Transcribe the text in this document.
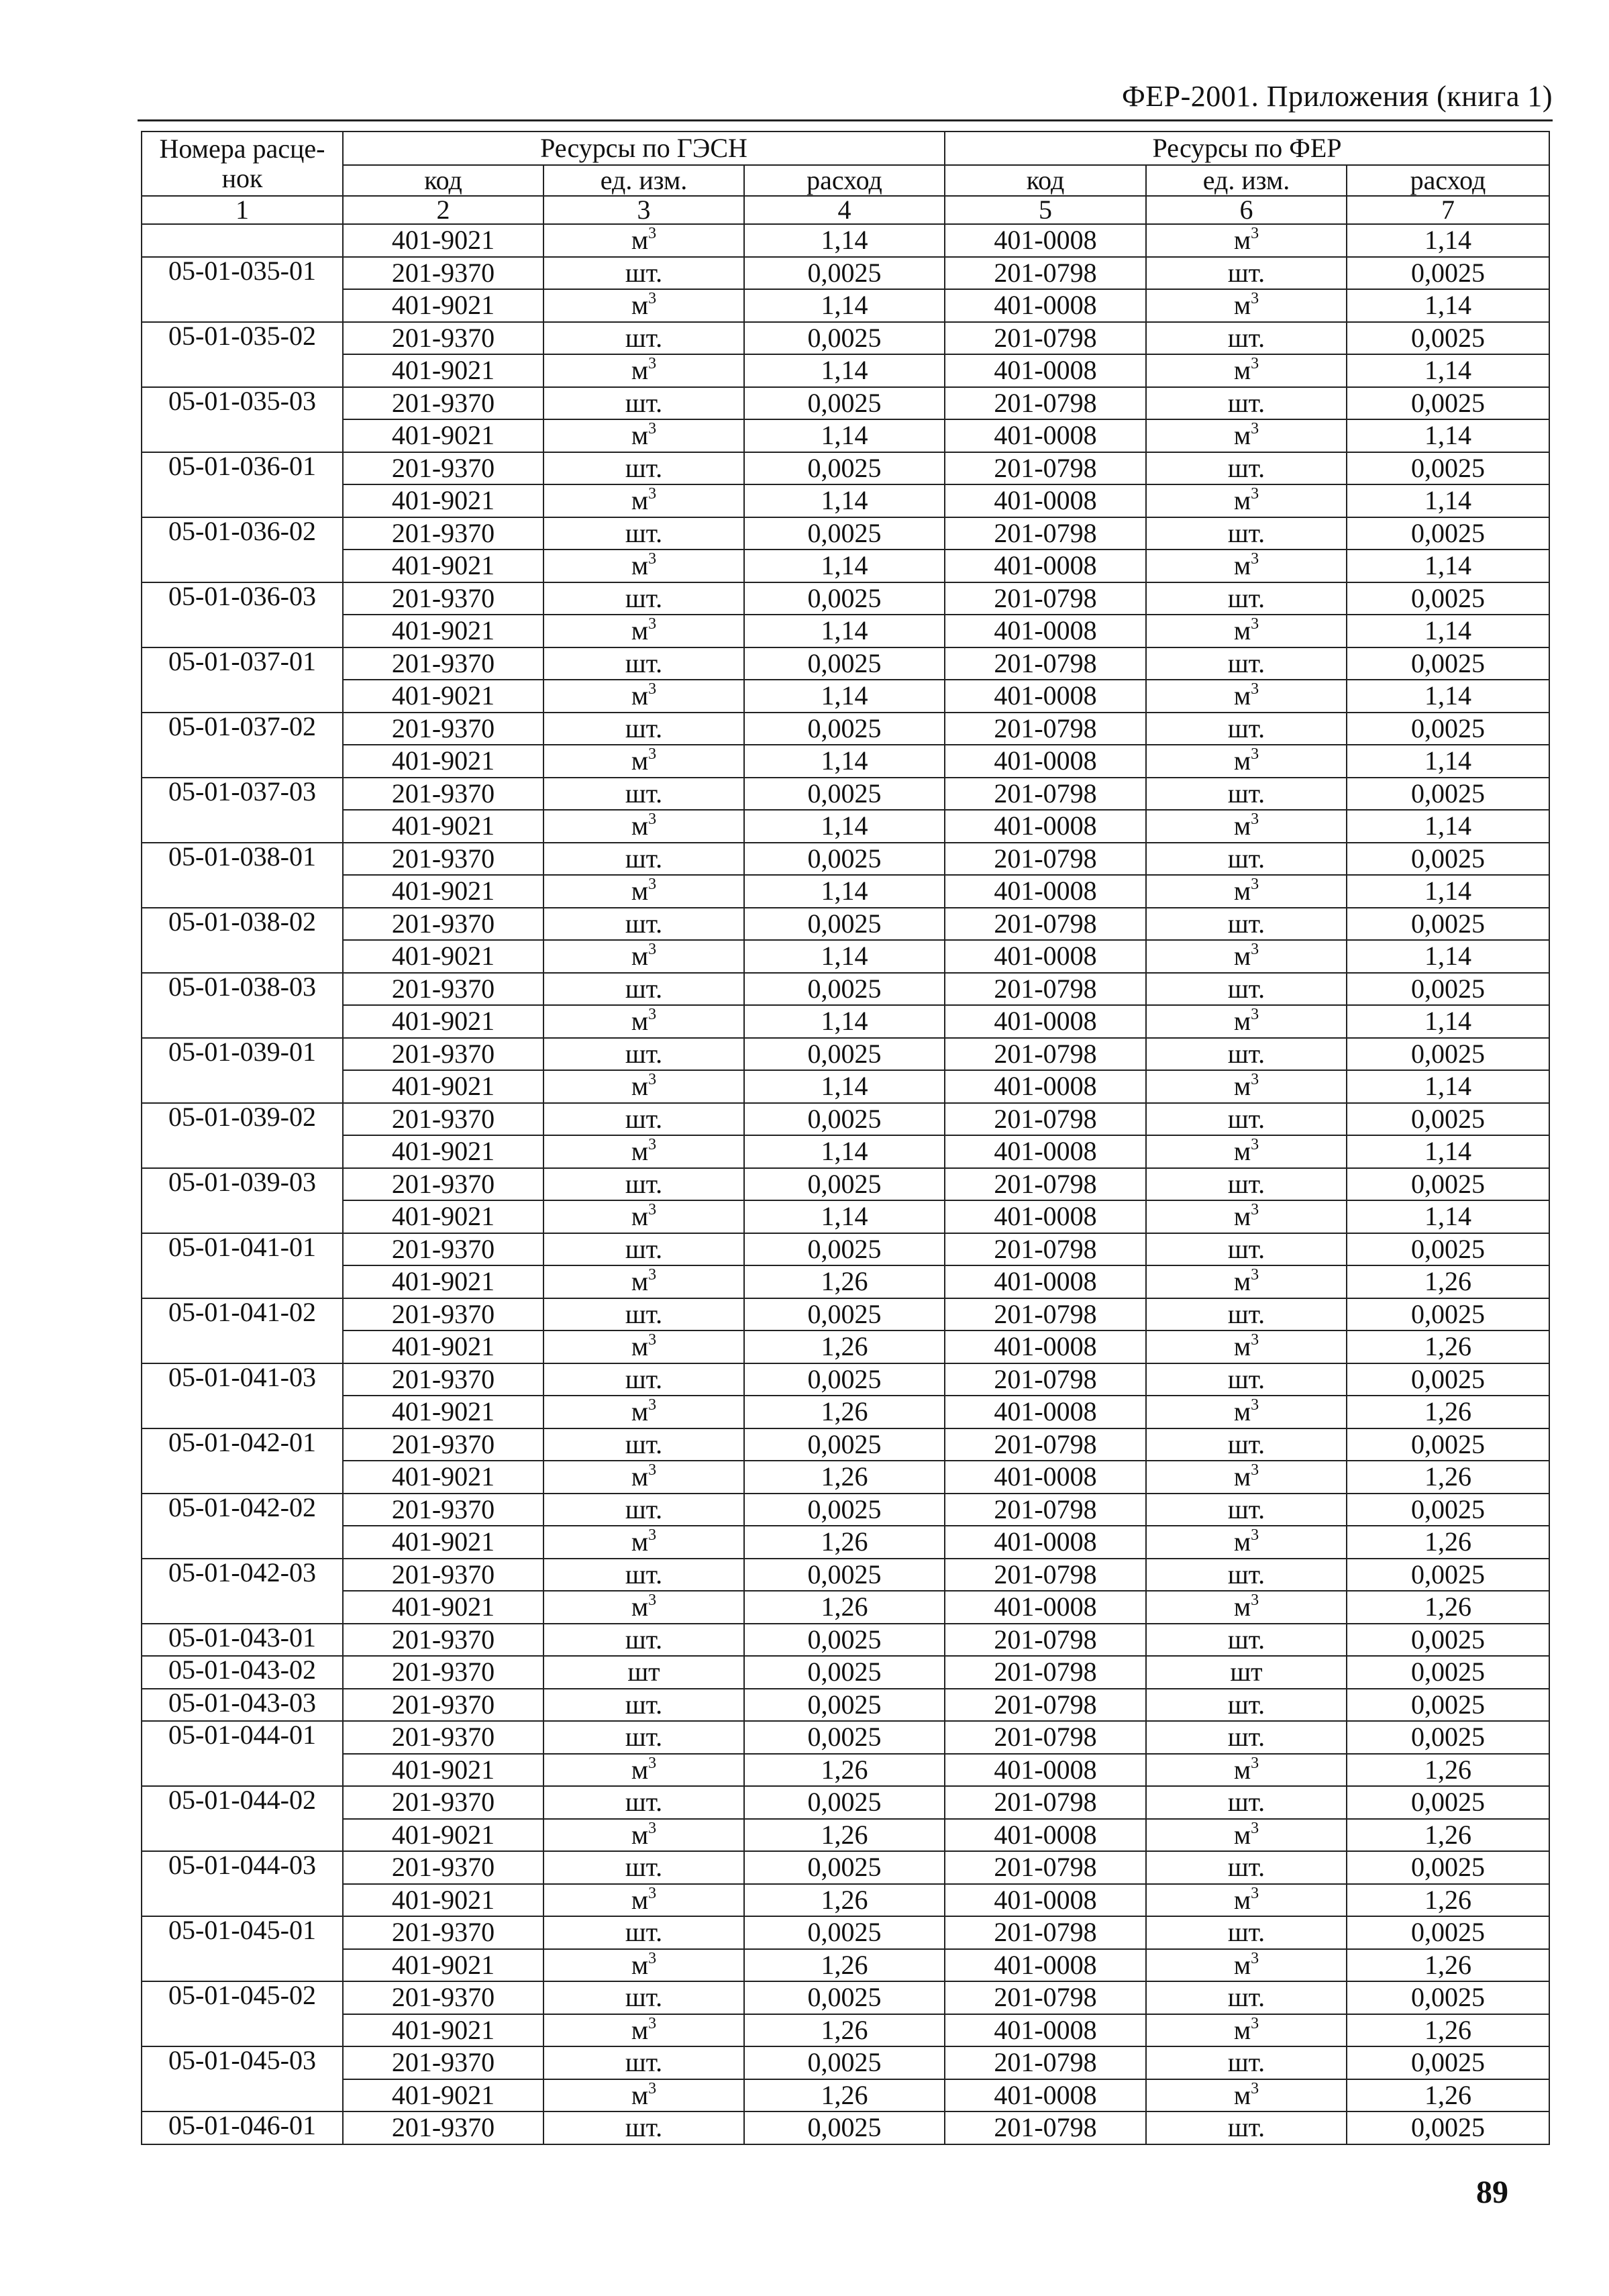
ФЕР-2001. Приложения (книга 1)
Номера расце-нок	Ресурсы по ГЭСН			Ресурсы по ФЕР		
	код	ед. изм.	расход	код	ед. изм.	расход
1	2	3	4	5	6	7
	401-9021	$м^3$	1,14	401-0008	$м^3$	1,14
05-01-035-01	201-9370	шт.	0,0025	201-0798	шт.	0,0025
	401-9021	$м^3$	1,14	401-0008	$м^3$	1,14
05-01-035-02	201-9370	шт.	0,0025	201-0798	шт.	0,0025
	401-9021	$м^3$	1,14	401-0008	$м^3$	1,14
05-01-035-03	201-9370	шт.	0,0025	201-0798	шт.	0,0025
	401-9021	$м^3$	1,14	401-0008	$м^3$	1,14
05-01-036-01	201-9370	шт.	0,0025	201-0798	шт.	0,0025
	401-9021	$м^3$	1,14	401-0008	$м^3$	1,14
05-01-036-02	201-9370	шт.	0,0025	201-0798	шт.	0,0025
	401-9021	$м^3$	1,14	401-0008	$м^3$	1,14
05-01-036-03	201-9370	шт.	0,0025	201-0798	шт.	0,0025
	401-9021	$м^3$	1,14	401-0008	$м^3$	1,14
05-01-037-01	201-9370	шт.	0,0025	201-0798	шт.	0,0025
	401-9021	$м^3$	1,14	401-0008	$м^3$	1,14
05-01-037-02	201-9370	шт.	0,0025	201-0798	шт.	0,0025
	401-9021	$м^3$	1,14	401-0008	$м^3$	1,14
05-01-037-03	201-9370	шт.	0,0025	201-0798	шт.	0,0025
	401-9021	$м^3$	1,14	401-0008	$м^3$	1,14
05-01-038-01	201-9370	шт.	0,0025	201-0798	шт.	0,0025
	401-9021	$м^3$	1,14	401-0008	$м^3$	1,14
05-01-038-02	201-9370	шт.	0,0025	201-0798	шт.	0,0025
	401-9021	$м^3$	1,14	401-0008	$м^3$	1,14
05-01-038-03	201-9370	шт.	0,0025	201-0798	шт.	0,0025
	401-9021	$м^3$	1,14	401-0008	$м^3$	1,14
05-01-039-01	201-9370	шт.	0,0025	201-0798	шт.	0,0025
	401-9021	$м^3$	1,14	401-0008	$м^3$	1,14
05-01-039-02	201-9370	шт.	0,0025	201-0798	шт.	0,0025
	401-9021	$м^3$	1,14	401-0008	$м^3$	1,14
05-01-039-03	201-9370	шт.	0,0025	201-0798	шт.	0,0025
	401-9021	$м^3$	1,14	401-0008	$м^3$	1,14
05-01-041-01	201-9370	шт.	0,0025	201-0798	шт.	0,0025
	401-9021	$м^3$	1,26	401-0008	$м^3$	1,26
05-01-041-02	201-9370	шт.	0,0025	201-0798	шт.	0,0025
	401-9021	$м^3$	1,26	401-0008	$м^3$	1,26
05-01-041-03	201-9370	шт.	0,0025	201-0798	шт.	0,0025
	401-9021	$м^3$	1,26	401-0008	$м^3$	1,26
05-01-042-01	201-9370	шт.	0,0025	201-0798	шт.	0,0025
	401-9021	$м^3$	1,26	401-0008	$м^3$	1,26
05-01-042-02	201-9370	шт.	0,0025	201-0798	шт.	0,0025
	401-9021	$м^3$	1,26	401-0008	$м^3$	1,26
05-01-042-03	201-9370	шт.	0,0025	201-0798	шт.	0,0025
	401-9021	$м^3$	1,26	401-0008	$м^3$	1,26
05-01-043-01	201-9370	шт.	0,0025	201-0798	шт.	0,0025
05-01-043-02	201-9370	шт	0,0025	201-0798	шт	0,0025
05-01-043-03	201-9370	шт.	0,0025	201-0798	шт.	0,0025
05-01-044-01	201-9370	шт.	0,0025	201-0798	шт.	0,0025
	401-9021	$м^3$	1,26	401-0008	$м^3$	1,26
05-01-044-02	201-9370	шт.	0,0025	201-0798	шт.	0,0025
	401-9021	$м^3$	1,26	401-0008	$м^3$	1,26
05-01-044-03	201-9370	шт.	0,0025	201-0798	шт.	0,0025
	401-9021	$м^3$	1,26	401-0008	$м^3$	1,26
05-01-045-01	201-9370	шт.	0,0025	201-0798	шт.	0,0025
	401-9021	$м^3$	1,26	401-0008	$м^3$	1,26
05-01-045-02	201-9370	шт.	0,0025	201-0798	шт.	0,0025
	401-9021	$м^3$	1,26	401-0008	$м^3$	1,26
05-01-045-03	201-9370	шт.	0,0025	201-0798	шт.	0,0025
	401-9021	$м^3$	1,26	401-0008	$м^3$	1,26
05-01-046-01	201-9370	шт.	0,0025	201-0798	шт.	0,0025
89
